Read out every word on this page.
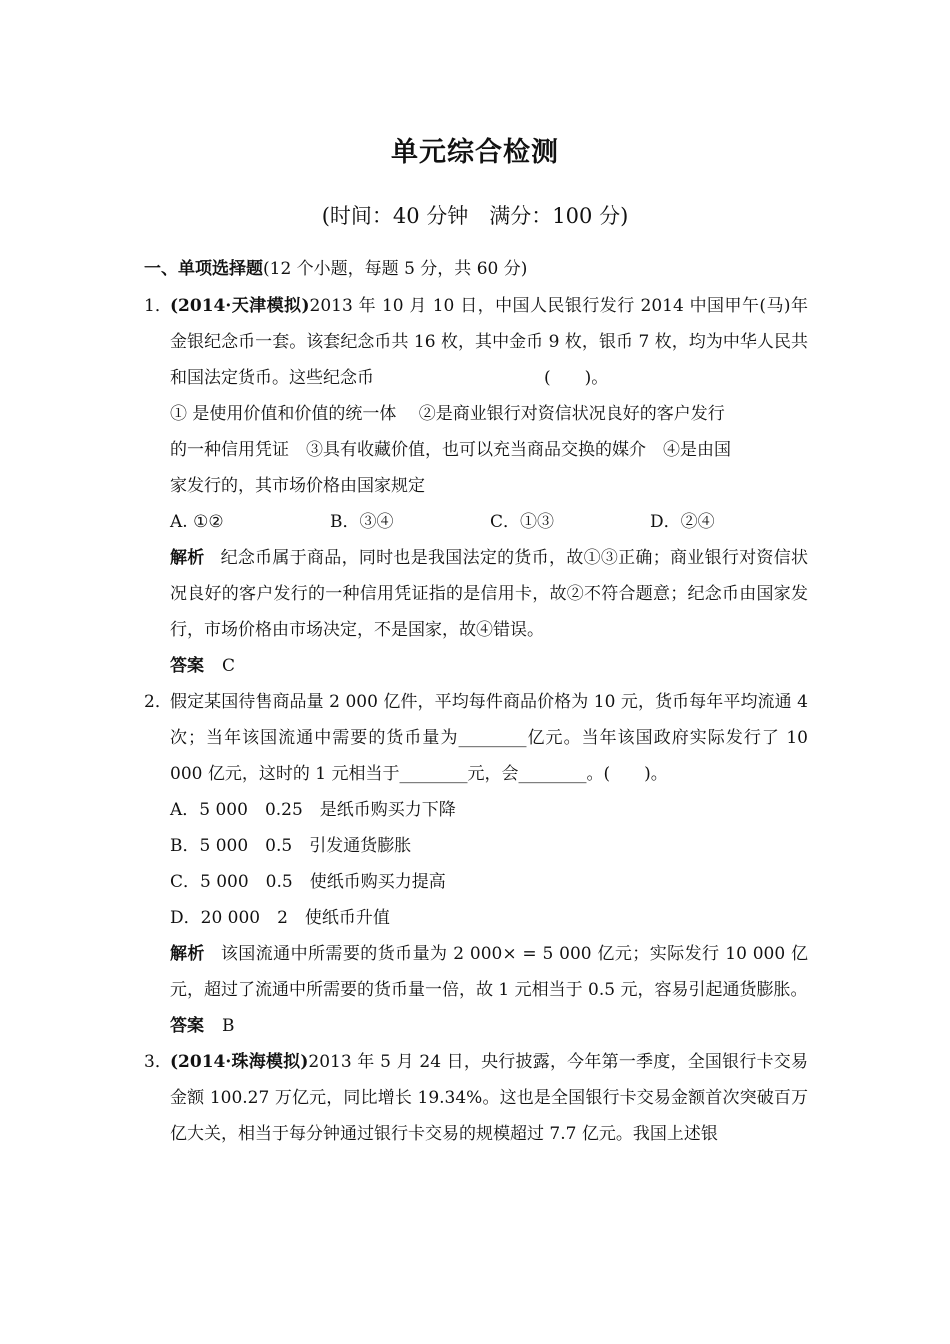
单元综合检测
(时间：40 分钟　满分：100 分)
一、单项选择题(12 个小题，每题 5 分，共 60 分)
1．
(2014·天津模拟)2013 年 10 月 10 日，中国人民银行发行 2014 中国甲午(马)年金银纪念币一套。该套纪念币共 16 枚，其中金币 9 枚，银币 7 枚，均为中华人民共和国法定货币。这些纪念币　　　　　　　　　　(　　)。
① 是使用价值和价值的统一体　 ②是商业银行对资信状况良好的客户发行
的一种信用凭证　③具有收藏价值，也可以充当商品交换的媒介　④是由国
家发行的，其市场价格由国家规定
A. ①②	B．③④	C．①③	D．②④
解析 纪念币属于商品，同时也是我国法定的货币，故①③正确；商业银行对资信状况良好的客户发行的一种信用凭证指的是信用卡，故②不符合题意；纪念币由国家发行，市场价格由市场决定，不是国家，故④错误。
答案 C
2．
假定某国待售商品量 2 000 亿件，平均每件商品价格为 10 元，货币每年平均流通 4 次；当年该国流通中需要的货币量为________亿元。当年该国政府实际发行了 10 000 亿元，这时的 1 元相当于________元，会________。(　　)。
A．5 000　0.25　是纸币购买力下降
B．5 000　0.5　引发通货膨胀
C．5 000　0.5　使纸币购买力提高
D．20 000　2　使纸币升值
解析 该国流通中所需要的货币量为 2 000× = 5 000 亿元；实际发行 10 000 亿元，超过了流通中所需要的货币量一倍，故 1 元相当于 0.5 元，容易引起通货膨胀。
答案 B
3．
(2014·珠海模拟)2013 年 5 月 24 日，央行披露，今年第一季度，全国银行卡交易金额 100.27 万亿元，同比增长 19.34%。这也是全国银行卡交易金额首次突破百万亿大关，相当于每分钟通过银行卡交易的规模超过 7.7 亿元。我国上述银
